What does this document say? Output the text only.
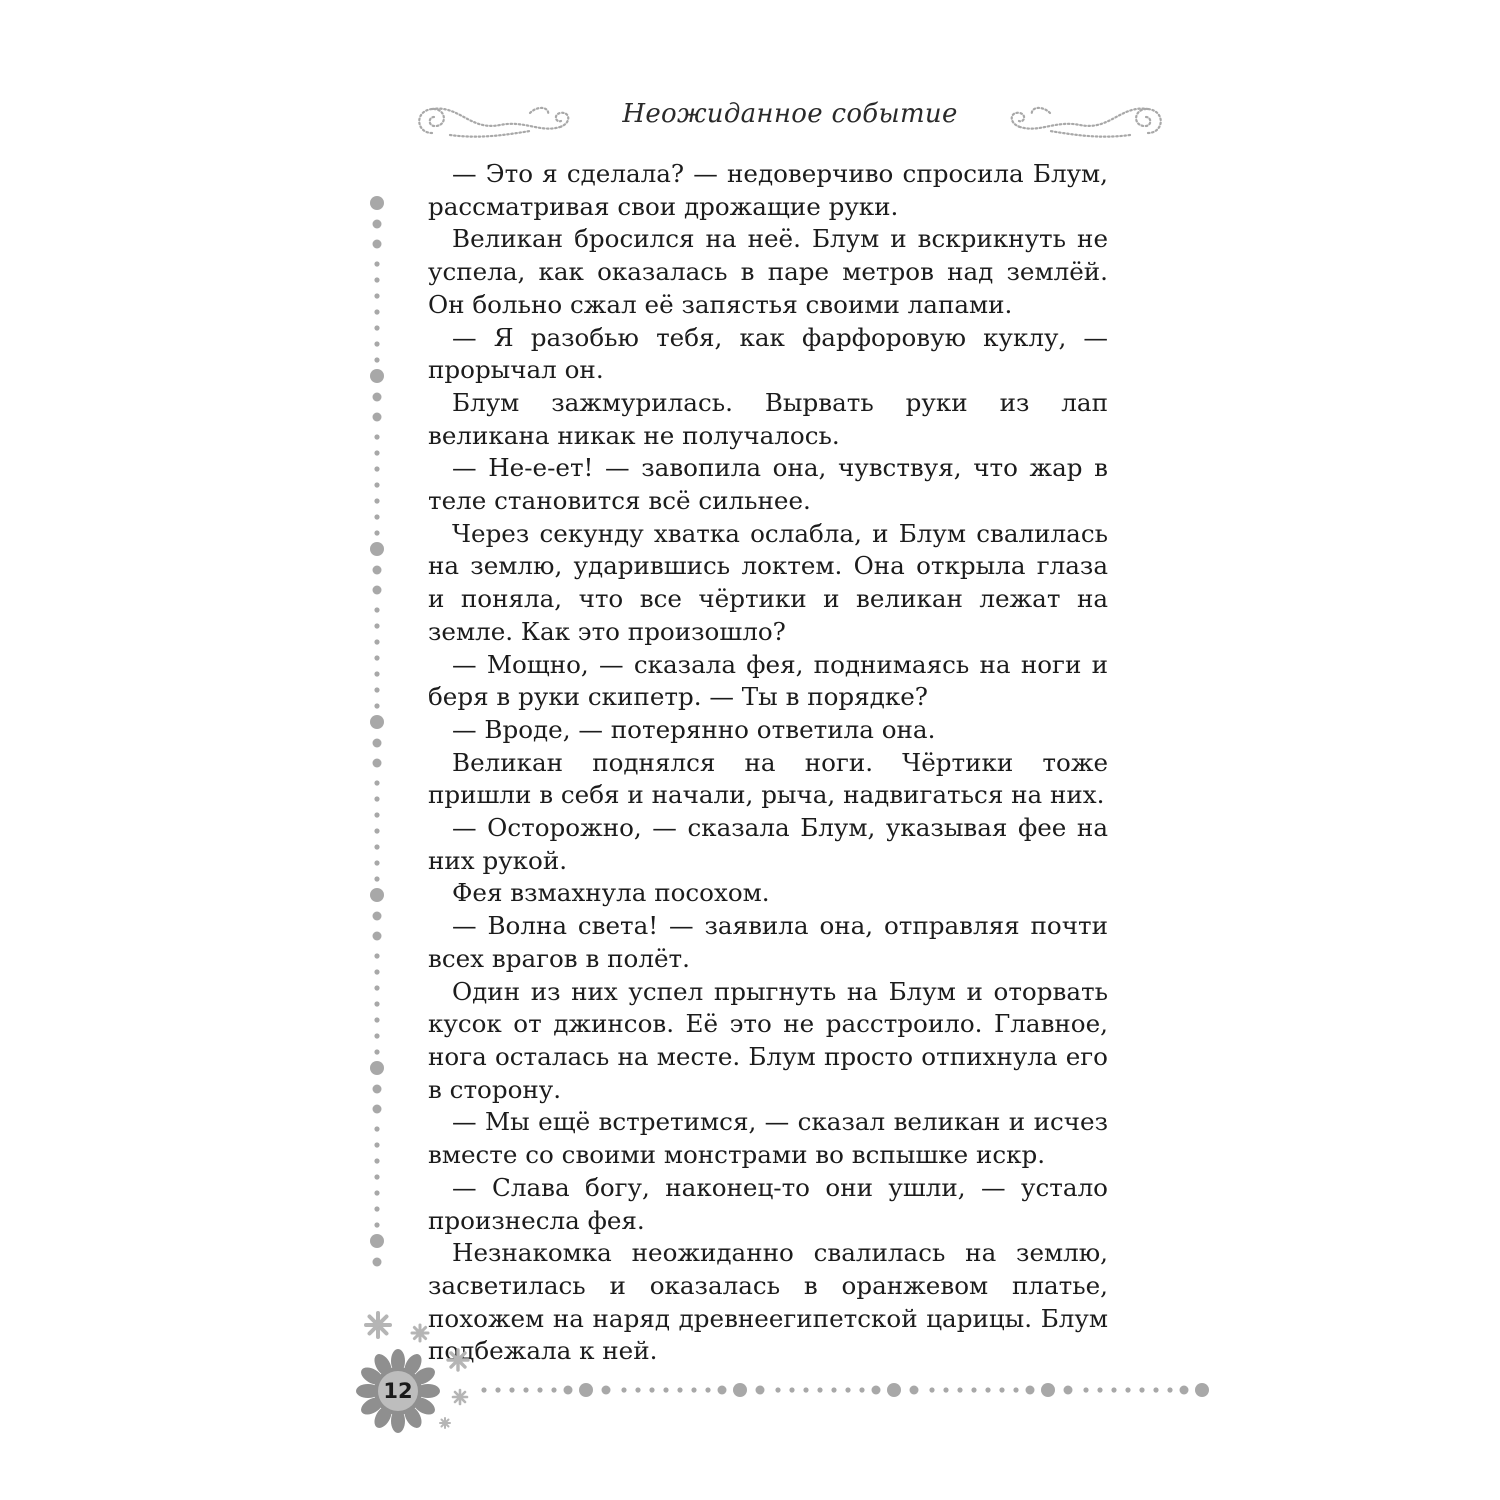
Неожиданное событие

— Это я сделала? — недоверчиво спросила Блум, рассматривая свои дрожащие руки.

Великан бросился на неё. Блум и вскрикнуть не успела, как оказалась в паре метров над землёй. Он больно сжал её запястья своими лапами.

— Я разобью тебя, как фарфоровую куклу, — прорычал он.

Блум зажмурилась. Вырвать руки из лап великана никак не получалось.

— Не-е-ет! — завопила она, чувствуя, что жар в теле становится всё сильнее.

Через секунду хватка ослабла, и Блум свалилась на землю, ударившись локтем. Она открыла глаза и поняла, что все чёртики и великан лежат на земле. Как это произошло?

— Мощно, — сказала фея, поднимаясь на ноги и беря в руки скипетр. — Ты в порядке?

— Вроде, — потерянно ответила она.

Великан поднялся на ноги. Чёртики тоже пришли в себя и начали, рыча, надвигаться на них.

— Осторожно, — сказала Блум, указывая фее на них рукой.

Фея взмахнула посохом.

— Волна света! — заявила она, отправляя почти всех врагов в полёт.

Один из них успел прыгнуть на Блум и оторвать кусок от джинсов. Её это не расстроило. Главное, нога осталась на месте. Блум просто отпихнула его в сторону.

— Мы ещё встретимся, — сказал великан и исчез вместе со своими монстрами во вспышке искр.

— Слава богу, наконец-то они ушли, — устало произнесла фея.

Незнакомка неожиданно свалилась на землю, засветилась и оказалась в оранжевом платье, похожем на наряд древнеегипетской царицы. Блум подбежала к ней.

12
